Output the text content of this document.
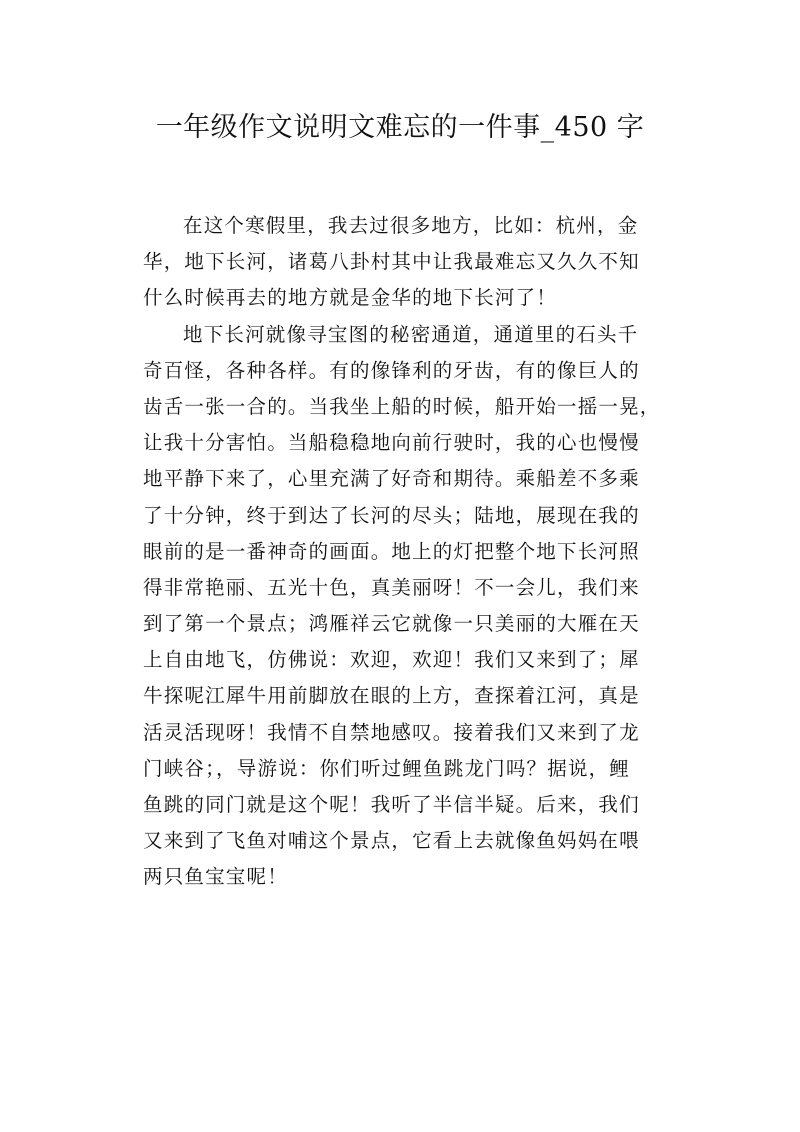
一年级作文说明文难忘的一件事_450 字
在这个寒假里，我去过很多地方，比如：杭州，金
华，地下长河，诸葛八卦村其中让我最难忘又久久不知
什么时候再去的地方就是金华的地下长河了！
地下长河就像寻宝图的秘密通道，通道里的石头千
奇百怪，各种各样。有的像锋利的牙齿，有的像巨人的
齿舌一张一合的。当我坐上船的时候，船开始一摇一晃，
让我十分害怕。当船稳稳地向前行驶时，我的心也慢慢
地平静下来了，心里充满了好奇和期待。乘船差不多乘
了十分钟，终于到达了长河的尽头；陆地，展现在我的
眼前的是一番神奇的画面。地上的灯把整个地下长河照
得非常艳丽、五光十色，真美丽呀！不一会儿，我们来
到了第一个景点；鸿雁祥云它就像一只美丽的大雁在天
上自由地飞，仿佛说：欢迎，欢迎！我们又来到了；犀
牛探呢江犀牛用前脚放在眼的上方，查探着江河，真是
活灵活现呀！我情不自禁地感叹。接着我们又来到了龙
门峡谷；，导游说：你们听过鲤鱼跳龙门吗？据说，鲤
鱼跳的同门就是这个呢！我听了半信半疑。后来，我们
又来到了飞鱼对哺这个景点，它看上去就像鱼妈妈在喂
两只鱼宝宝呢！
